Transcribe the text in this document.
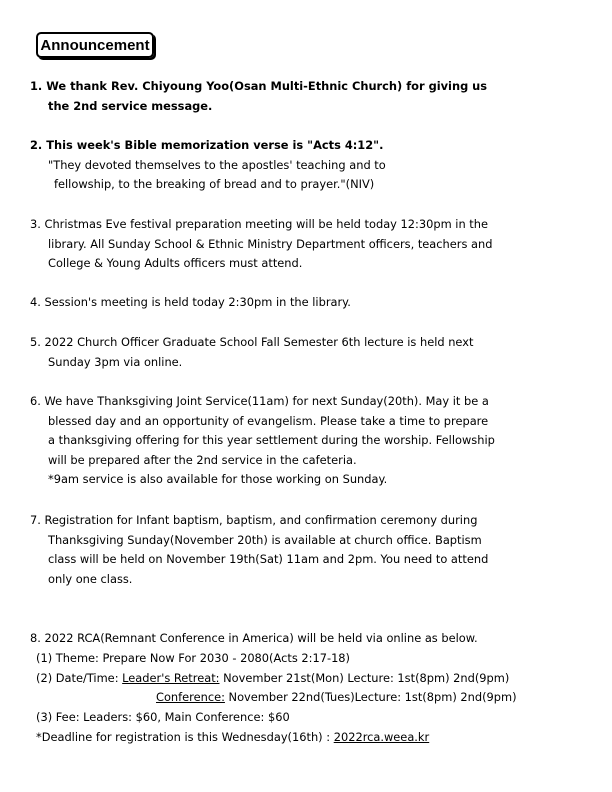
Announcement
1. We thank Rev. Chiyoung Yoo(Osan Multi-Ethnic Church) for giving us
the 2nd service message.
2. This week's Bible memorization verse is "Acts 4:12".
"They devoted themselves to the apostles' teaching and to
fellowship, to the breaking of bread and to prayer."(NIV)
3. Christmas Eve festival preparation meeting will be held today 12:30pm in the
library. All Sunday School & Ethnic Ministry Department officers, teachers and
College & Young Adults officers must attend.
4. Session's meeting is held today 2:30pm in the library.
5. 2022 Church Officer Graduate School Fall Semester 6th lecture is held next
Sunday 3pm via online.
6. We have Thanksgiving Joint Service(11am) for next Sunday(20th). May it be a
blessed day and an opportunity of evangelism. Please take a time to prepare
a thanksgiving offering for this year settlement during the worship. Fellowship
will be prepared after the 2nd service in the cafeteria.
*9am service is also available for those working on Sunday.
7. Registration for Infant baptism, baptism, and confirmation ceremony during
Thanksgiving Sunday(November 20th) is available at church office. Baptism
class will be held on November 19th(Sat) 11am and 2pm. You need to attend
only one class.
8. 2022 RCA(Remnant Conference in America) will be held via online as below.
(1) Theme: Prepare Now For 2030 - 2080(Acts 2:17-18)
(2) Date/Time: Leader's Retreat: November 21st(Mon) Lecture: 1st(8pm) 2nd(9pm)
Conference: November 22nd(Tues)Lecture: 1st(8pm) 2nd(9pm)
(3) Fee: Leaders: $60, Main Conference: $60
*Deadline for registration is this Wednesday(16th) : 2022rca.weea.kr
